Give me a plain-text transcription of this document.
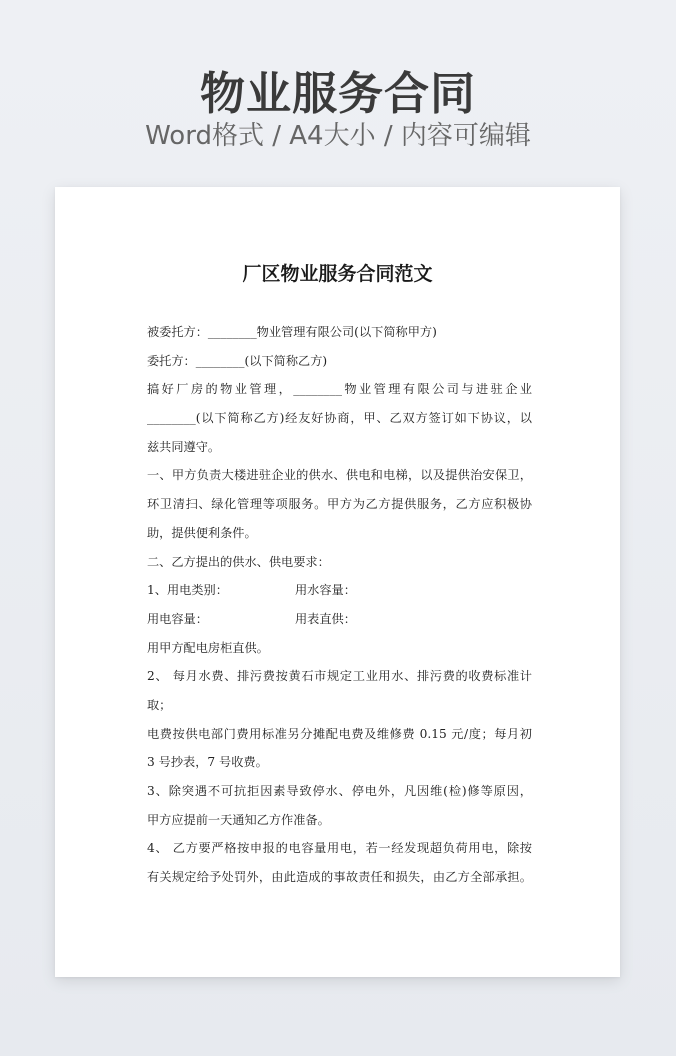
物业服务合同
Word格式 / A4大小 / 内容可编辑
厂区物业服务合同范文
被委托方：________物业管理有限公司(以下简称甲方)
委托方：________(以下简称乙方)
搞好厂房的物业管理，________物业管理有限公司与进驻企业
________(以下简称乙方)经友好协商，甲、乙双方签订如下协议，以
兹共同遵守。
一、甲方负责大楼进驻企业的供水、供电和电梯，以及提供治安保卫，
环卫清扫、绿化管理等项服务。甲方为乙方提供服务，乙方应积极协
助，提供便利条件。
二、乙方提出的供水、供电要求：
1、用电类别：	用水容量：
用电容量：	用表直供：
用甲方配电房柜直供。
2、 每月水费、排污费按黄石市规定工业用水、排污费的收费标准计
取；
电费按供电部门费用标准另分摊配电费及维修费 0.15 元/度；每月初
3 号抄表，7 号收费。
3、除突遇不可抗拒因素导致停水、停电外，凡因维(检)修等原因，
甲方应提前一天通知乙方作准备。
4、 乙方要严格按申报的电容量用电，若一经发现超负荷用电，除按
有关规定给予处罚外，由此造成的事故责任和损失，由乙方全部承担。
